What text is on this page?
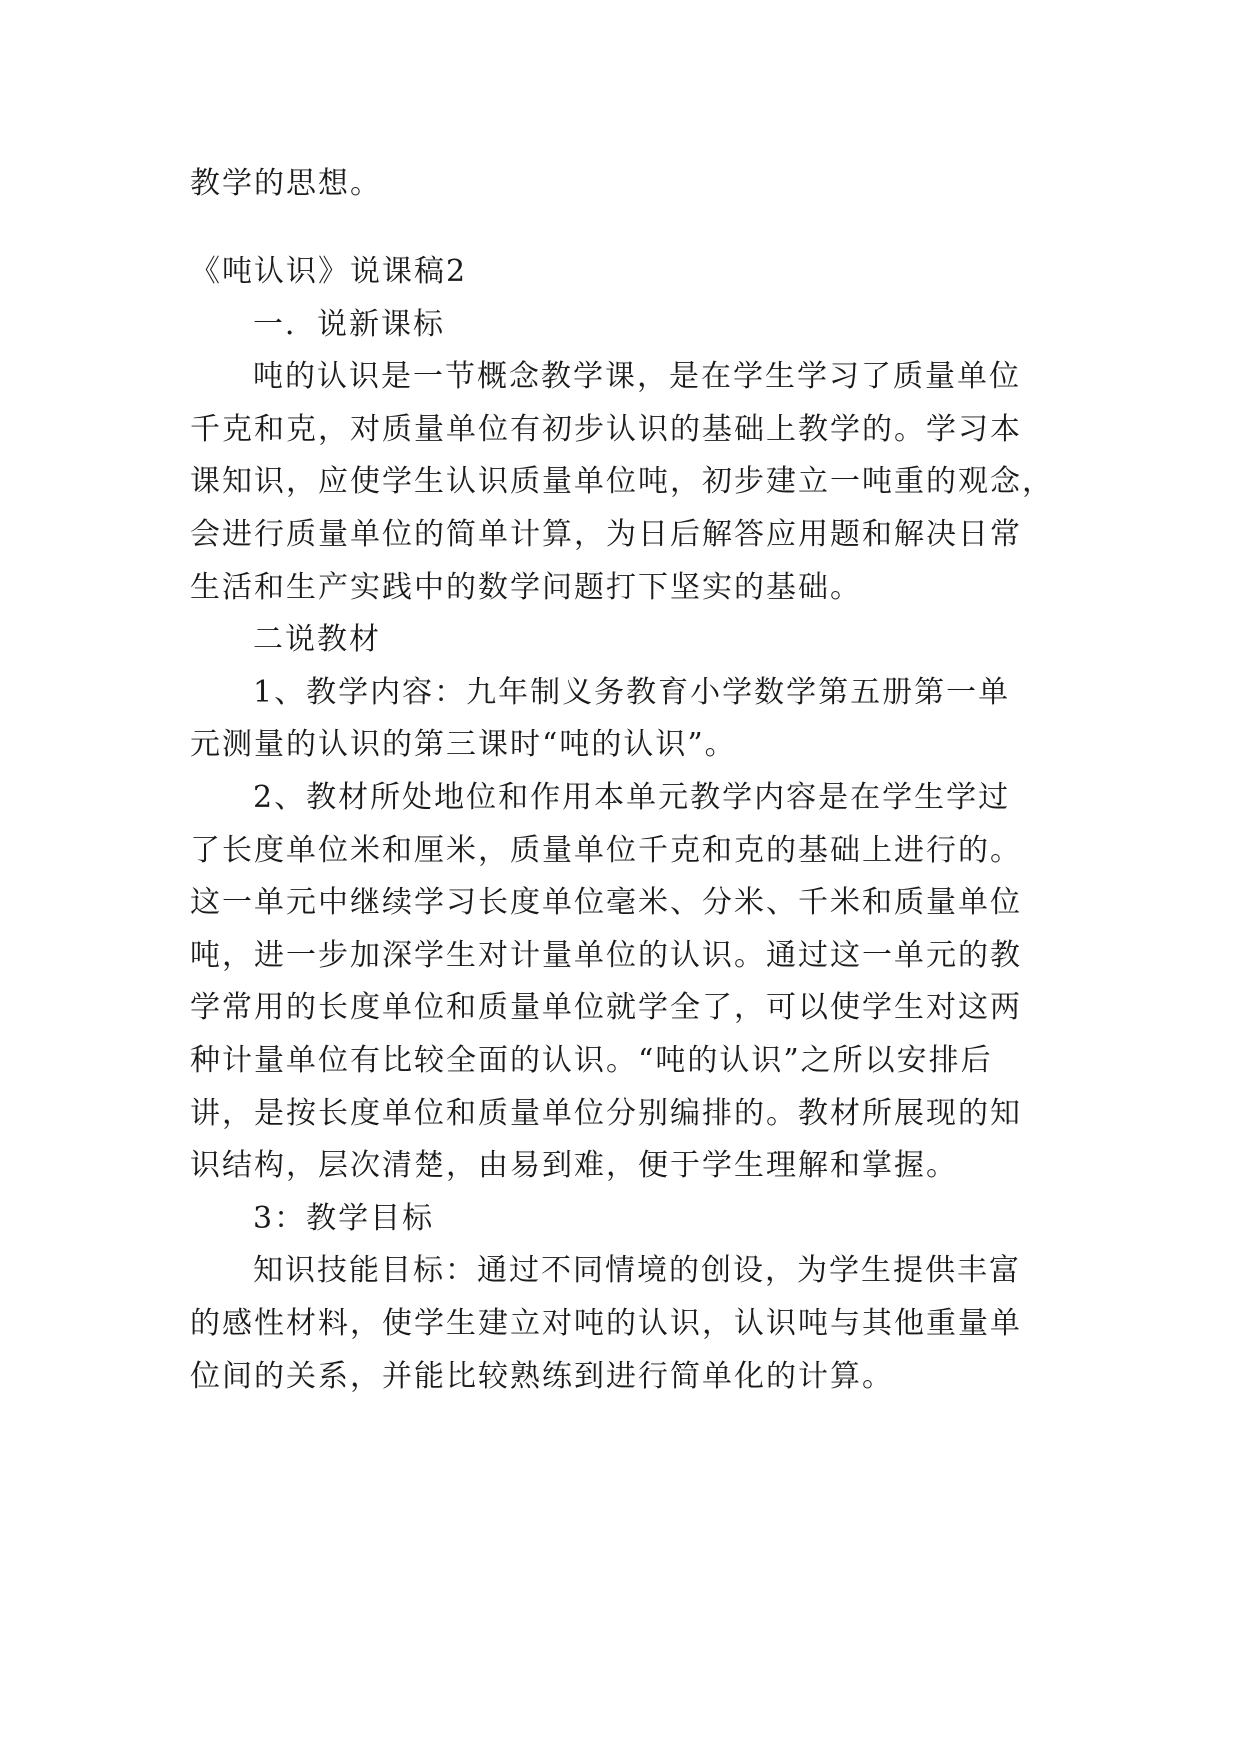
教学的思想。
《吨认识》说课稿2
一．说新课标
吨的认识是一节概念教学课，是在学生学习了质量单位
千克和克，对质量单位有初步认识的基础上教学的。学习本
课知识，应使学生认识质量单位吨，初步建立一吨重的观念，
会进行质量单位的简单计算，为日后解答应用题和解决日常
生活和生产实践中的数学问题打下坚实的基础。
二说教材
1、教学内容：九年制义务教育小学数学第五册第一单
元测量的认识的第三课时“吨的认识”。
2、教材所处地位和作用本单元教学内容是在学生学过
了长度单位米和厘米，质量单位千克和克的基础上进行的。
这一单元中继续学习长度单位毫米、分米、千米和质量单位
吨，进一步加深学生对计量单位的认识。通过这一单元的教
学常用的长度单位和质量单位就学全了，可以使学生对这两
种计量单位有比较全面的认识。“吨的认识”之所以安排后
讲，是按长度单位和质量单位分别编排的。教材所展现的知
识结构，层次清楚，由易到难，便于学生理解和掌握。
3：教学目标
知识技能目标：通过不同情境的创设，为学生提供丰富
的感性材料，使学生建立对吨的认识，认识吨与其他重量单
位间的关系，并能比较熟练到进行简单化的计算。
